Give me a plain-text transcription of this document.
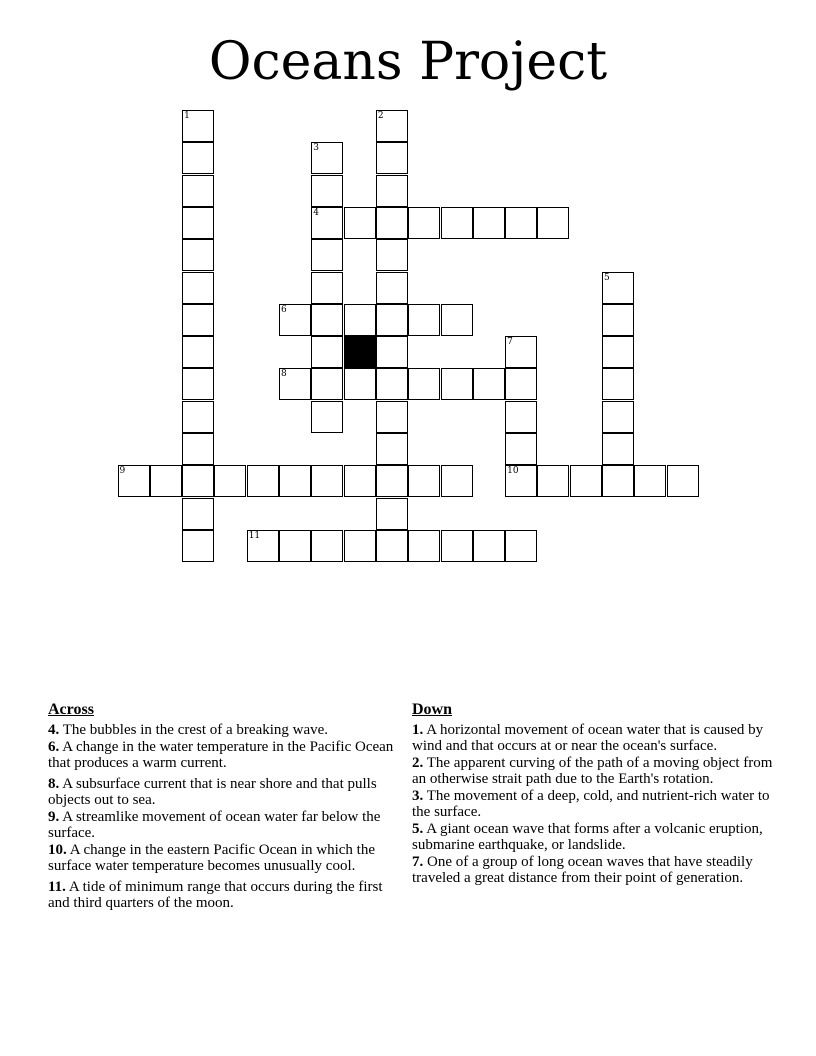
Oceans Project
1	2
3
4
5
6
7
8
9	10
11
Across
4. The bubbles in the crest of a breaking wave.
6. A change in the water temperature in the Pacific Ocean that produces a warm current.
8. A subsurface current that is near shore and that pulls objects out to sea.
9. A streamlike movement of ocean water far below the surface.
10. A change in the eastern Pacific Ocean in which the surface water temperature becomes unusually cool.
11. A tide of minimum range that occurs during the first and third quarters of the moon.
Down
1. A horizontal movement of ocean water that is caused by wind and that occurs at or near the ocean's surface.
2. The apparent curving of the path of a moving object from an otherwise strait path due to the Earth's rotation.
3. The movement of a deep, cold, and nutrient-rich water to the surface.
5. A giant ocean wave that forms after a volcanic eruption, submarine earthquake, or landslide.
7. One of a group of long ocean waves that have steadily traveled a great distance from their point of generation.
